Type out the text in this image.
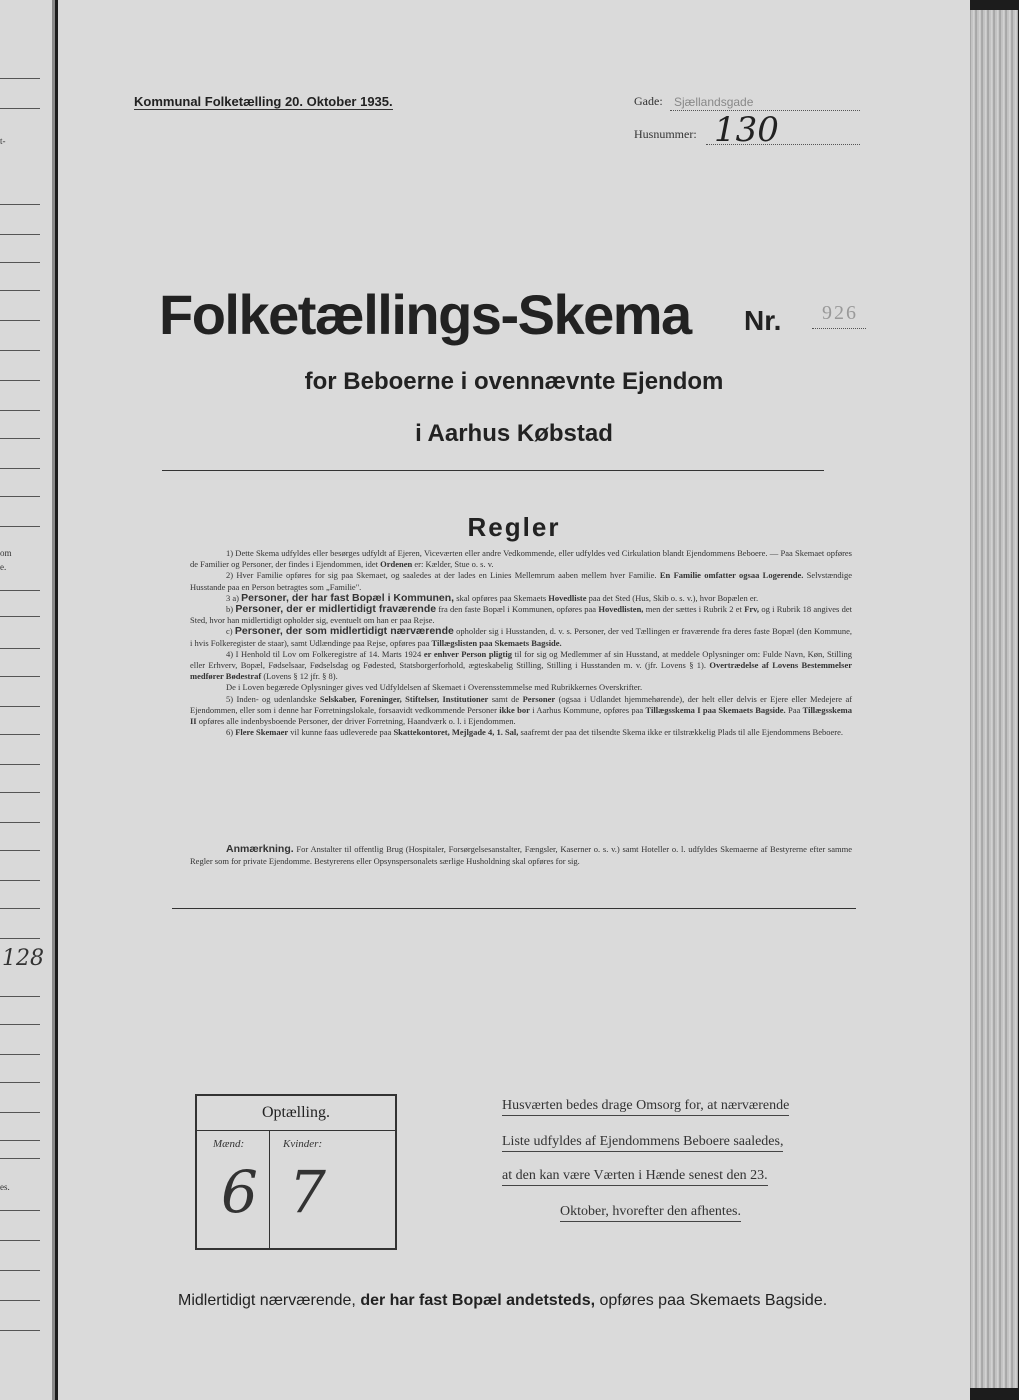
t-
om
e.
128
es.
Kommunal Folketælling 20. Oktober 1935.	Gade: Sjællandsgade
Husnummer: 130
Folketællings-Skema Nr. 926
for Beboerne i ovennævnte Ejendom
i Aarhus Købstad
Regler

1) Dette Skema udfyldes eller besørges udfyldt af Ejeren, Viceværten eller andre Vedkommende, eller udfyldes ved Cirkulation blandt Ejendommens Beboere. — Paa Skemaet opføres de Familier og Personer, der findes i Ejendommen, idet Ordenen er: Kælder, Stue o. s. v.

2) Hver Familie opføres for sig paa Skemaet, og saaledes at der lades en Linies Mellemrum aaben mellem hver Familie. En Familie omfatter ogsaa Logerende. Selvstændige Husstande paa en Person betragtes som „Familie".

3 a) Personer, der har fast Bopæl i Kommunen, skal opføres paa Skemaets Hovedliste paa det Sted (Hus, Skib o. s. v.), hvor Bopælen er.

b) Personer, der er midlertidigt fraværende fra den faste Bopæl i Kommunen, opføres paa Hovedlisten, men der sættes i Rubrik 2 et Frv, og i Rubrik 18 angives det Sted, hvor han midlertidigt opholder sig, eventuelt om han er paa Rejse.

c) Personer, der som midlertidigt nærværende opholder sig i Husstanden, d. v. s. Personer, der ved Tællingen er fraværende fra deres faste Bopæl (den Kommune, i hvis Folkeregister de staar), samt Udlændinge paa Rejse, opføres paa Tillægslisten paa Skemaets Bagside.

4) I Henhold til Lov om Folkeregistre af 14. Marts 1924 er enhver Person pligtig til for sig og Medlemmer af sin Husstand, at meddele Oplysninger om: Fulde Navn, Køn, Stilling eller Erhverv, Bopæl, Fødselsaar, Fødselsdag og Fødested, Statsborgerforhold, ægteskabelig Stilling, Stilling i Husstanden m. v. (jfr. Lovens § 1). Overtrædelse af Lovens Bestemmelser medfører Bødestraf (Lovens § 12 jfr. § 8).

De i Loven begærede Oplysninger gives ved Udfyldelsen af Skemaet i Overensstemmelse med Rubrikkernes Overskrifter.

5) Inden- og udenlandske Selskaber, Foreninger, Stiftelser, Institutioner samt de Personer (ogsaa i Udlandet hjemmehørende), der helt eller delvis er Ejere eller Medejere af Ejendommen, eller som i denne har Forretningslokale, forsaavidt vedkommende Personer ikke bor i Aarhus Kommune, opføres paa Tillægsskema I paa Skemaets Bagside. Paa Tillægsskema II opføres alle indenbysboende Personer, der driver Forretning, Haandværk o. l. i Ejendommen.

6) Flere Skemaer vil kunne faas udleverede paa Skattekontoret, Mejlgade 4, 1. Sal, saafremt der paa det tilsendte Skema ikke er tilstrækkelig Plads til alle Ejendommens Beboere.

Anmærkning. For Anstalter til offentlig Brug (Hospitaler, Forsørgelsesanstalter, Fængsler, Kaserner o. s. v.) samt Hoteller o. l. udfyldes Skemaerne af Bestyrerne efter samme Regler som for private Ejendomme. Bestyrerens eller Opsynspersonalets særlige Husholdning skal opføres for sig.
Optælling.
Mænd:	Kvinder:
6 7
Husværten bedes drage Omsorg for, at nærværende
Liste udfyldes af Ejendommens Beboere saaledes,
at den kan være Værten i Hænde senest den 23.
Oktober, hvorefter den afhentes.
Midlertidigt nærværende, der har fast Bopæl andetsteds, opføres paa Skemaets Bagside.
